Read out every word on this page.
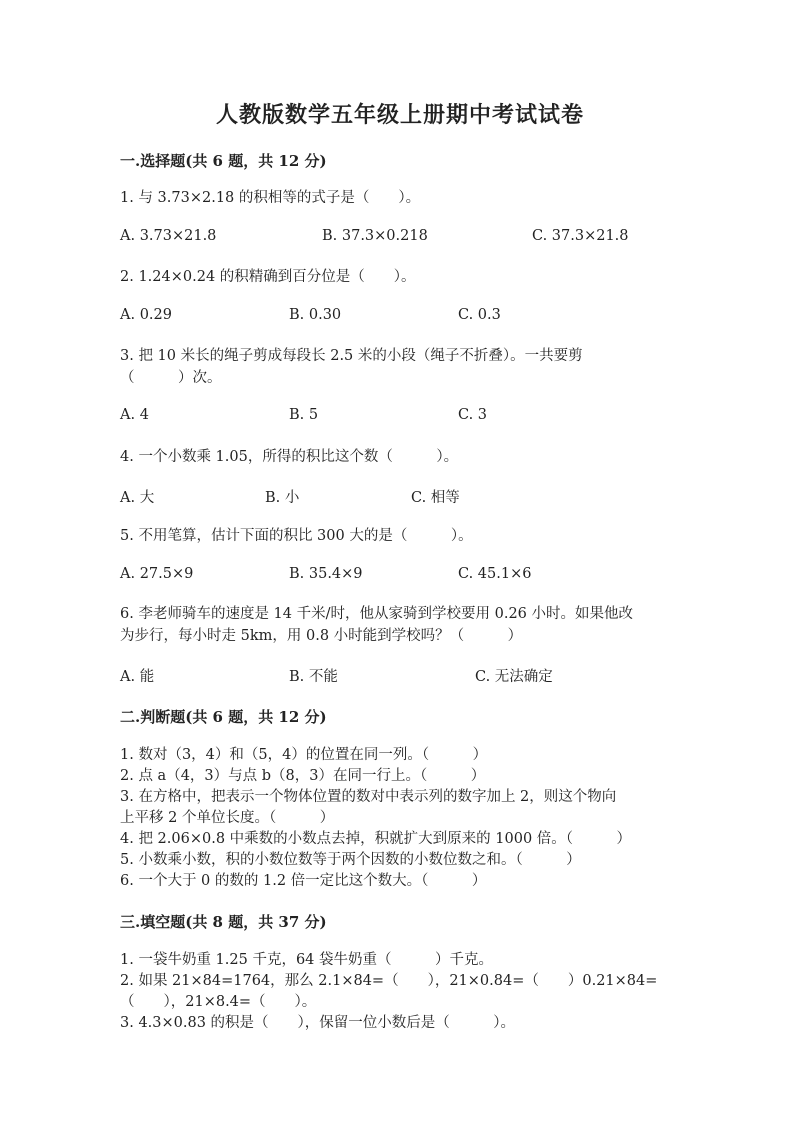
人教版数学五年级上册期中考试试卷
一.选择题(共 6 题，共 12 分)
1. 与 3.73×2.18 的积相等的式子是（　　）。
A. 3.73×21.8	B. 37.3×0.218	C. 37.3×21.8
2. 1.24×0.24 的积精确到百分位是（　　）。
A. 0.29	B. 0.30	C. 0.3
3. 把 10 米长的绳子剪成每段长 2.5 米的小段（绳子不折叠）。一共要剪
（　　　）次。
A. 4	B. 5	C. 3
4. 一个小数乘 1.05，所得的积比这个数（　　　）。
A. 大	B. 小	C. 相等
5. 不用笔算，估计下面的积比 300 大的是（　　　）。
A. 27.5×9	B. 35.4×9	C. 45.1×6
6. 李老师骑车的速度是 14 千米/时，他从家骑到学校要用 0.26 小时。如果他改
为步行，每小时走 5km，用 0.8 小时能到学校吗？（　　　）
A. 能	B. 不能	C. 无法确定
二.判断题(共 6 题，共 12 分)
1. 数对（3，4）和（5，4）的位置在同一列。（　　　）
2. 点 a（4，3）与点 b（8，3）在同一行上。（　　　）
3. 在方格中，把表示一个物体位置的数对中表示列的数字加上 2，则这个物向
上平移 2 个单位长度。（　　　）
4. 把 2.06×0.8 中乘数的小数点去掉，积就扩大到原来的 1000 倍。（　　　）
5. 小数乘小数，积的小数位数等于两个因数的小数位数之和。（　　　）
6. 一个大于 0 的数的 1.2 倍一定比这个数大。（　　　）
三.填空题(共 8 题，共 37 分)
1. 一袋牛奶重 1.25 千克，64 袋牛奶重（　　　）千克。
2. 如果 21×84=1764，那么 2.1×84=（　　），21×0.84=（　　）0.21×84=
（　　），21×8.4=（　　）。
3. 4.3×0.83 的积是（　　），保留一位小数后是（　　　）。
